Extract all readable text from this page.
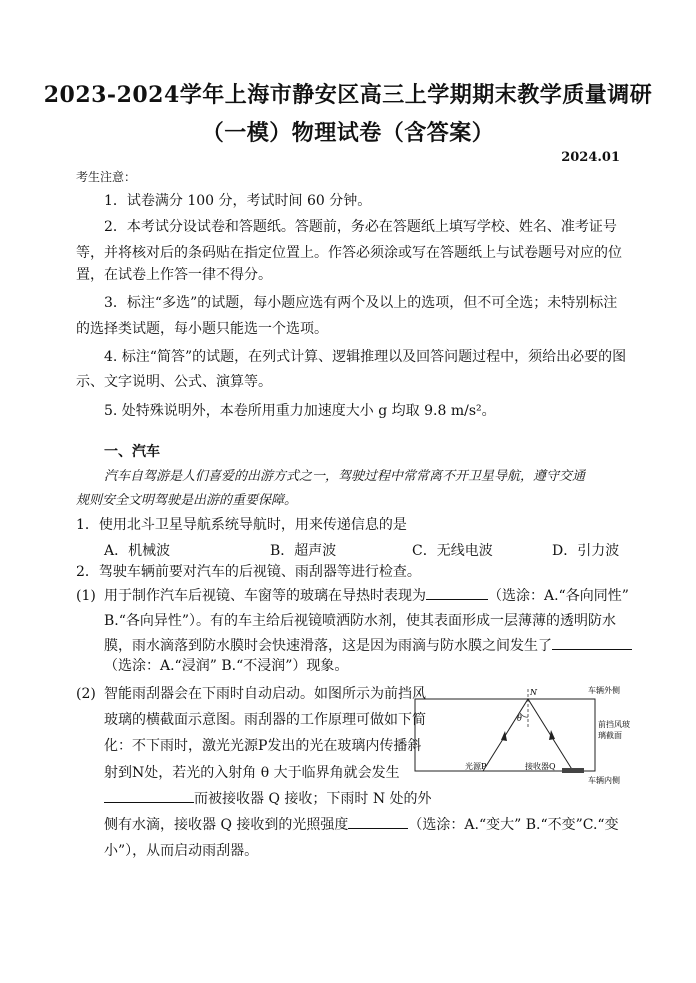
2023-2024学年上海市静安区高三上学期期末教学质量调研
（一模）物理试卷（含答案）
2024.01
考生注意：
1．试卷满分 100 分，考试时间 60 分钟。
2．本考试分设试卷和答题纸。答题前，务必在答题纸上填写学校、姓名、准考证号
等，并将核对后的条码贴在指定位置上。作答必须涂或写在答题纸上与试卷题号对应的位
置，在试卷上作答一律不得分。
3．标注“多选”的试题，每小题应选有两个及以上的选项，但不可全选；未特别标注
的选择类试题，每小题只能选一个选项。
4. 标注“简答”的试题，在列式计算、逻辑推理以及回答问题过程中，须给出必要的图
示、文字说明、公式、演算等。
5. 处特殊说明外，本卷所用重力加速度大小 g 均取 9.8 m/s²。
一、汽车
汽车自驾游是人们喜爱的出游方式之一，驾驶过程中常常离不开卫星导航，遵守交通
规则安全文明驾驶是出游的重要保障。
1．使用北斗卫星导航系统导航时，用来传递信息的是
A．机械波	B．超声波	C．无线电波	D．引力波
2．驾驶车辆前要对汽车的后视镜、雨刮器等进行检查。
(1) 用于制作汽车后视镜、车窗等的玻璃在导热时表现为	（选涂：A.“各向同性”
B.“各向异性”）。有的车主给后视镜喷洒防水剂，使其表面形成一层薄薄的透明防水
膜，雨水滴落到防水膜时会快速滑落，这是因为雨滴与防水膜之间发生了
（选涂：A.“浸润” B.“不浸润”）现象。
(2) 智能雨刮器会在下雨时自动启动。如图所示为前挡风
玻璃的横截面示意图。雨刮器的工作原理可做如下简
化：不下雨时，激光光源P发出的光在玻璃内传播斜
射到N处，若光的入射角 θ 大于临界角就会发生
而被接收器 Q 接收；下雨时 N 处的外
侧有水滴，接收器 Q 接收到的光照强度	（选涂：A.“变大” B.“不变”C.“变
小”），从而启动雨刮器。
N
θ
车辆外侧
前挡风玻
璃截面
光源P	接收器Q
车辆内侧
